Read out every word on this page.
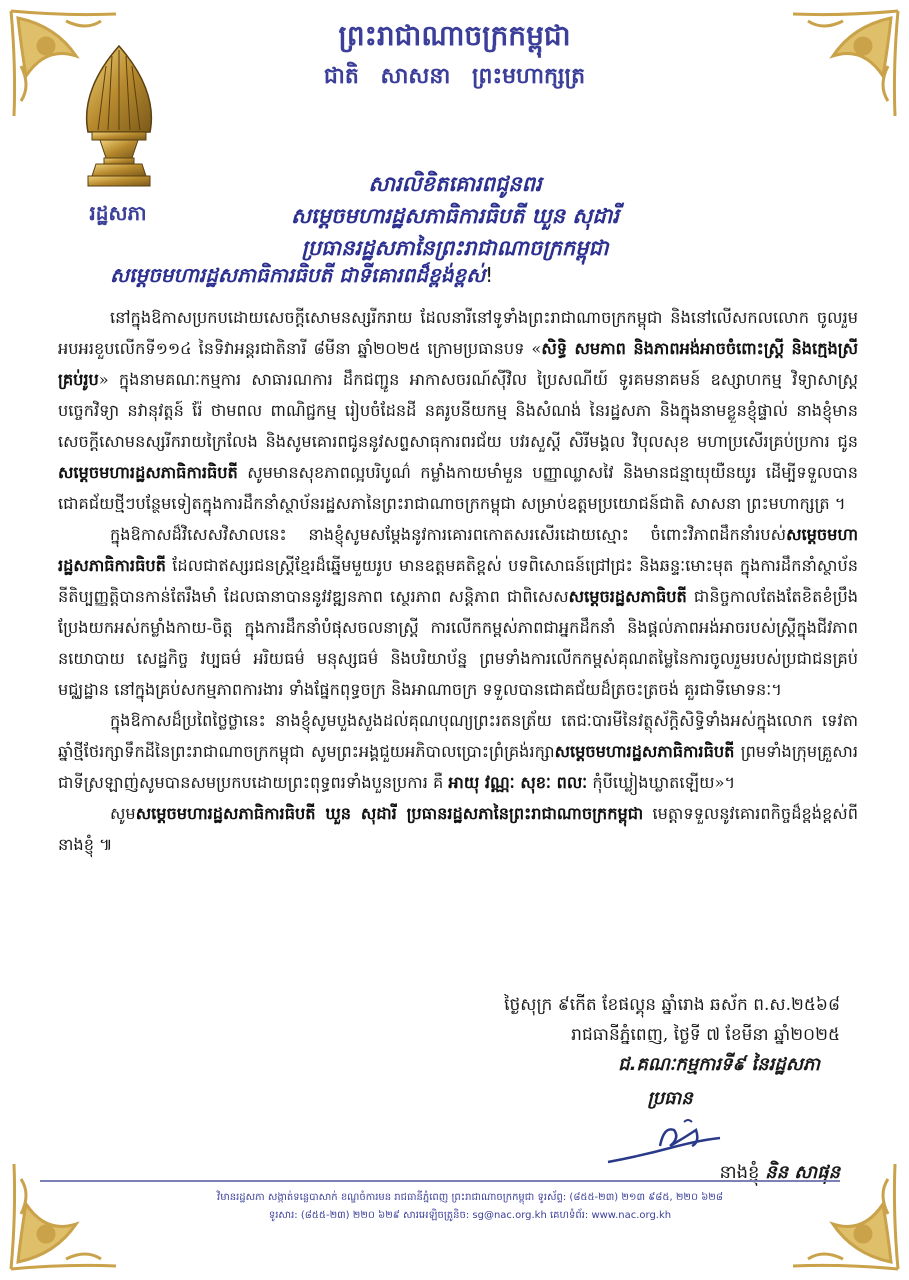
ព្រះរាជាណាចក្រកម្ពុជា
ជាតិ សាសនា ព្រះមហាក្សត្រ
រដ្ឋសភា
សារលិខិតគោរពជូនពរ
សម្តេចមហារដ្ឋសភាធិការធិបតី ឃួន សុដារី
ប្រធានរដ្ឋសភានៃព្រះរាជាណាចក្រកម្ពុជា
សម្តេចមហារដ្ឋសភាធិការធិបតី ជាទីគោរពដ៏ខ្ពង់ខ្ពស់!

នៅក្នុងឱកាសប្រកបដោយសេចក្តីសោមនស្សរីករាយ ដែលនារីនៅទូទាំងព្រះរាជាណាចក្រកម្ពុជា និងនៅលើសកលលោក ចូលរួមអបអរខួបលើកទី១១៤ នៃទិវាអន្តរជាតិនារី ៨មីនា ឆ្នាំ២០២៥ ក្រោមប្រធានបទ «សិទ្ធិ សមភាព និងភាពអង់អាចចំពោះស្ត្រី និងក្មេងស្រីគ្រប់រូប» ក្នុងនាមគណៈកម្មការ សាធារណការ ដឹកជញ្ជូន អាកាសចរណ៍ស៊ីវិល ប្រៃសណីយ៍ ទូរគមនាគមន៍ ឧស្សាហកម្ម វិទ្យាសាស្ត្រ បច្ចេកវិទ្យា នវានុវត្តន៍ រ៉ែ ថាមពល ពាណិជ្ជកម្ម រៀបចំដែនដី នគរូបនីយកម្ម និងសំណង់ នៃរដ្ឋសភា និងក្នុងនាមខ្លួនខ្ញុំផ្ទាល់ នាងខ្ញុំមានសេចក្តីសោមនស្សរីករាយក្រៃលែង និងសូមគោរពជូននូវសព្ទសាធុការពរជ័យ បវរសួស្តី សិរីមង្គល វិបុលសុខ មហាប្រសើរគ្រប់ប្រការ ជូន សម្តេចមហារដ្ឋសភាធិការធិបតី សូមមានសុខភាពល្អបរិបូណ៌ កម្លាំងកាយមាំមួន បញ្ញាឈ្លាសវៃ និងមានជន្មាយុយឺនយូរ ដើម្បីទទួលបានជោគជ័យថ្មីៗបន្ថែមទៀតក្នុងការដឹកនាំស្ថាប័នរដ្ឋសភានៃព្រះរាជាណាចក្រកម្ពុជា សម្រាប់ឧត្តមប្រយោជន៍ជាតិ សាសនា ព្រះមហាក្សត្រ ។

ក្នុងឱកាសដ៏វិសេសវិសាលនេះ នាងខ្ញុំសូមសម្តែងនូវការគោរពកោតសរសើរដោយស្មោះ ចំពោះវិភាពដឹកនាំរបស់សម្តេចមហារដ្ឋសភាធិការធិបតី ដែលជាឥស្សរជនស្ត្រីខ្មែរដ៏ឆ្នើមមួយរូប មានឧត្តមគតិខ្ពស់ បទពិសោធន៍ជ្រៅជ្រះ និងឆន្ទៈមោះមុត ក្នុងការដឹកនាំស្ថាប័ននីតិប្បញ្ញត្តិបានកាន់តែរឹងមាំ ដែលធានាបាននូវវឌ្ឍនភាព ស្ថេរភាព សន្តិភាព ជាពិសេសសម្តេចរដ្ឋសភាធិបតី ជានិច្ចកាលតែងតែខិតខំប្រឹងប្រែងយកអស់កម្លាំងកាយ-ចិត្ត ក្នុងការដឹកនាំបំផុសចលនាស្ត្រី ការលើកកម្ពស់ភាពជាអ្នកដឹកនាំ និងផ្តល់ភាពអង់អាចរបស់ស្ត្រីក្នុងជីវភាពនយោបាយ សេដ្ឋកិច្ច វប្បធម៌ អរិយធម៌ មនុស្សធម៌ និងបរិយាប័ន្ន ព្រមទាំងការលើកកម្ពស់គុណតម្លៃនៃការចូលរួមរបស់ប្រជាជនគ្រប់មជ្ឈដ្ឋាន នៅក្នុងគ្រប់សកម្មភាពការងារ ទាំងផ្នែកពុទ្ធចក្រ និងអាណាចក្រ ទទួលបានជោគជ័យដ៏ត្រចះត្រចង់ គួរជាទីមោទនៈ។

ក្នុងឱកាសដ៏ប្រពៃថ្លៃថ្លានេះ នាងខ្ញុំសូមបួងសួងដល់គុណបុណ្យព្រះរតនត្រ័យ តេជៈបារមីនៃវត្ថុស័ក្តិសិទ្ធិទាំងអស់ក្នុងលោក ទេវតាឆ្នាំថ្មីថែរក្សាទឹកដីនៃព្រះរាជាណាចក្រកម្ពុជា សូមព្រះអង្គជួយអភិបាលប្រោះព្រំគ្រង់រក្សាសម្តេចមហារដ្ឋសភាធិការធិបតី ព្រមទាំងក្រុមគ្រួសារជាទីស្រឡាញ់សូមបានសមប្រកបដោយព្រះពុទ្ធពរទាំងបួនប្រការ គឺ អាយុ វណ្ណៈ សុខៈ ពលៈ កុំបីឃ្លៀងឃ្លាតឡើយ»។

សូមសម្តេចមហារដ្ឋសភាធិការធិបតី ឃួន សុដារី ប្រធានរដ្ឋសភានៃព្រះរាជាណាចក្រកម្ពុជា មេត្តាទទួលនូវគោរពកិច្ចដ៏ខ្ពង់ខ្ពស់ពីនាងខ្ញុំ ៕

ថ្ងៃសុក្រ ៩កើត ខែផល្គុន ឆ្នាំរោង ឆស័ក ព.ស.២៥៦៨
រាជធានីភ្នំពេញ, ថ្ងៃទី ៧ ខែមីនា ឆ្នាំ២០២៥
ជ.គណៈកម្មការទី៩ នៃរដ្ឋសភា
ប្រធាន
នាងខ្ញុំ និន សាផុន
វិមានរដ្ឋសភា សង្កាត់ទន្លេបាសាក់ ខណ្ឌចំការមន រាជធានីភ្នំពេញ ព្រះរាជាណាចក្រកម្ពុជា ទូរស័ព្ទ: (៨៥៥-២៣) ២១៣ ៩៨៥, ២២០ ៦២៨
ទូរសារ: (៨៥៥-២៣) ២២០ ៦២៩ សារអេឡិចត្រូនិច: sg@nac.org.kh គេហទំព័រ: www.nac.org.kh
